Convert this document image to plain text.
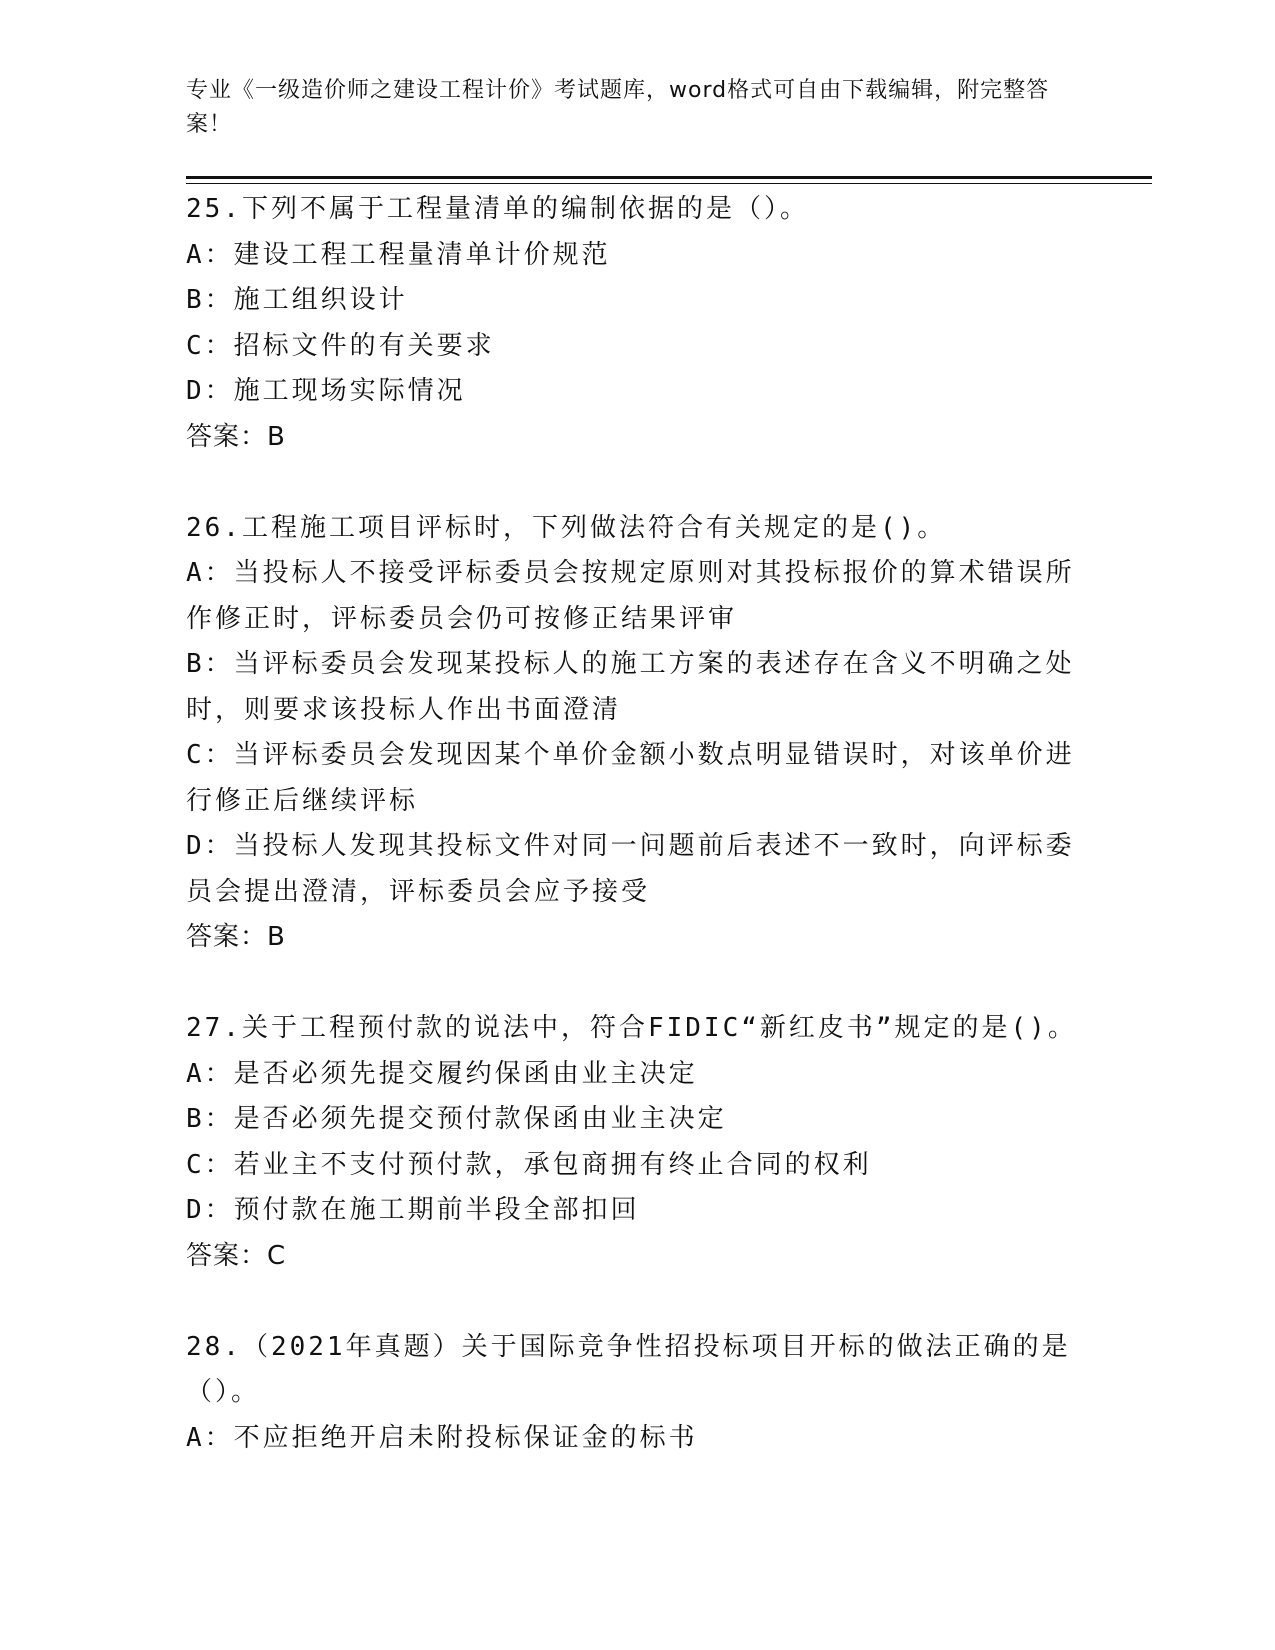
专业《一级造价师之建设工程计价》考试题库，word格式可自由下载编辑，附完整答案！

25.下列不属于工程量清单的编制依据的是（）。

A：建设工程工程量清单计价规范

B：施工组织设计

C：招标文件的有关要求

D：施工现场实际情况

答案：B

26.工程施工项目评标时，下列做法符合有关规定的是()。

A：当投标人不接受评标委员会按规定原则对其投标报价的算术错误所作修正时，评标委员会仍可按修正结果评审

B：当评标委员会发现某投标人的施工方案的表述存在含义不明确之处时，则要求该投标人作出书面澄清

C：当评标委员会发现因某个单价金额小数点明显错误时，对该单价进行修正后继续评标

D：当投标人发现其投标文件对同一问题前后表述不一致时，向评标委员会提出澄清，评标委员会应予接受

答案：B

27.关于工程预付款的说法中，符合FIDIC“新红皮书”规定的是()。

A：是否必须先提交履约保函由业主决定

B：是否必须先提交预付款保函由业主决定

C：若业主不支付预付款，承包商拥有终止合同的权利

D：预付款在施工期前半段全部扣回

答案：C

28.（2021年真题）关于国际竞争性招投标项目开标的做法正确的是（）。

A：不应拒绝开启未附投标保证金的标书
